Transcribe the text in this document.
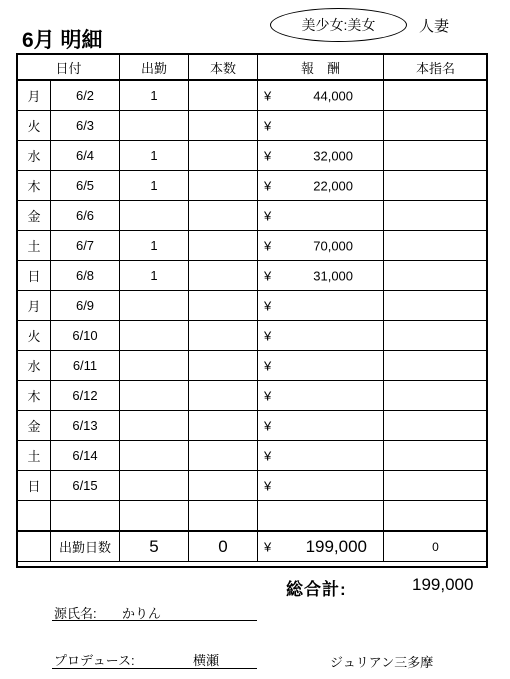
6月 明細
美少女:美女	人妻
日付		出勤	本数	報　酬	本指名
月	6/2	1		¥ 44,000	

火	6/3			¥	

水	6/4	1		¥ 32,000	

木	6/5	1		¥ 22,000	

金	6/6			¥	

土	6/7	1		¥ 70,000	

日	6/8	1		¥ 31,000	

月	6/9			¥	

火	6/10			¥	

水	6/11			¥	

木	6/12			¥	

金	6/13			¥	

土	6/14			¥	

日	6/15			¥	

	出勤日数	5	0	¥ 199,000	0
総合計:	199,000
源氏名: かりん
プロデュース:	横瀬	ジュリアン三多摩
